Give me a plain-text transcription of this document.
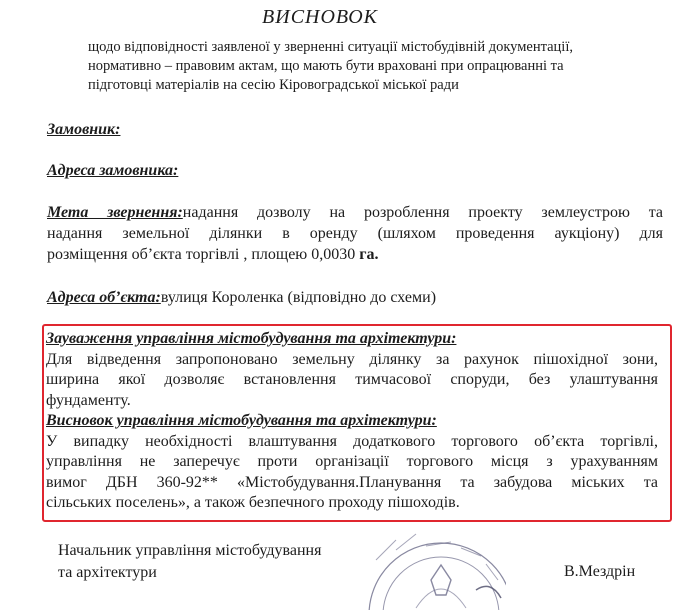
ВИСНОВОК
щодо відповідності заявленої у зверненні ситуації містобудівній документації,
нормативно – правовим актам, що мають бути враховані при опрацюванні та
підготовці матеріалів на сесію Кіровоградської міської ради
Замовник:
Адреса замовника:
Мета звернення:надання дозволу на розроблення проекту землеустрою та
надання земельної ділянки в оренду (шляхом проведення аукціону) для
розміщення об’єкта торгівлі , площею 0,0030 га.
Адреса об’єкта:вулиця Короленка (відповідно до схеми)
Зауваження управління містобудування та архітектури:
Для відведення запропоновано земельну ділянку за рахунок пішохідної зони,
ширина якої дозволяє встановлення тимчасової споруди, без улаштування
фундаменту.
Висновок управління містобудування та архітектури:
У випадку необхідності влаштування додаткового торгового об’єкта торгівлі,
управління не заперечує проти організації торгового місця з урахуванням
вимог ДБН 360-92** «Містобудування.Планування та забудова міських та
сільських поселень», а також безпечного проходу пішоходів.
Начальник управління містобудування
та архітектури	В.Мездрін
